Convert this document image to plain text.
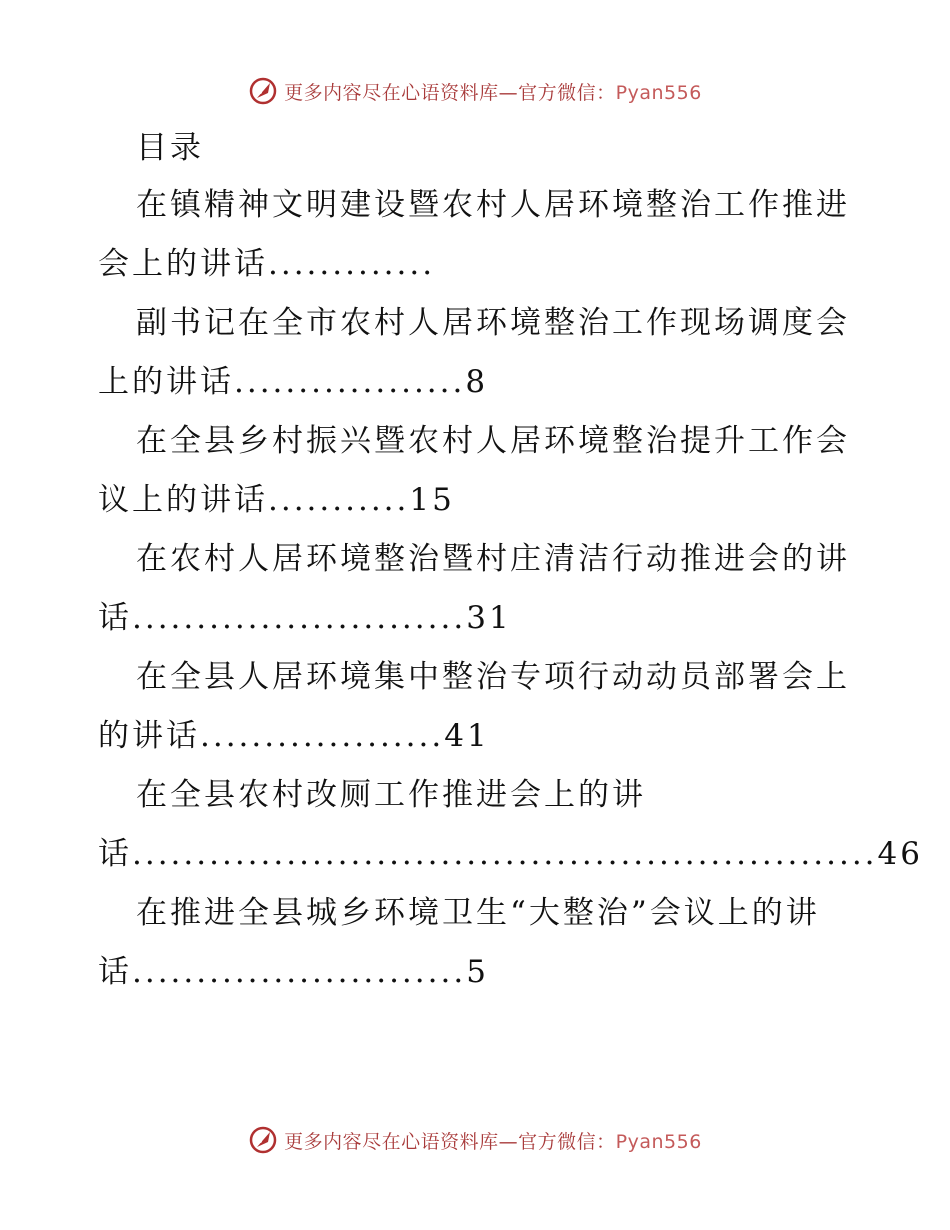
更多内容尽在心语资料库—官方微信：Pyan556

目录

在镇精神文明建设暨农村人居环境整治工作推进会上的讲话.............

副书记在全市农村人居环境整治工作现场调度会上的讲话..................8

在全县乡村振兴暨农村人居环境整治提升工作会议上的讲话...........15

在农村人居环境整治暨村庄清洁行动推进会的讲话..........................31

在全县人居环境集中整治专项行动动员部署会上的讲话...................41

在全县农村改厕工作推进会上的讲

话..........................................................46

在推进全县城乡环境卫生“大整治”会议上的讲话..........................5

更多内容尽在心语资料库—官方微信：Pyan556
